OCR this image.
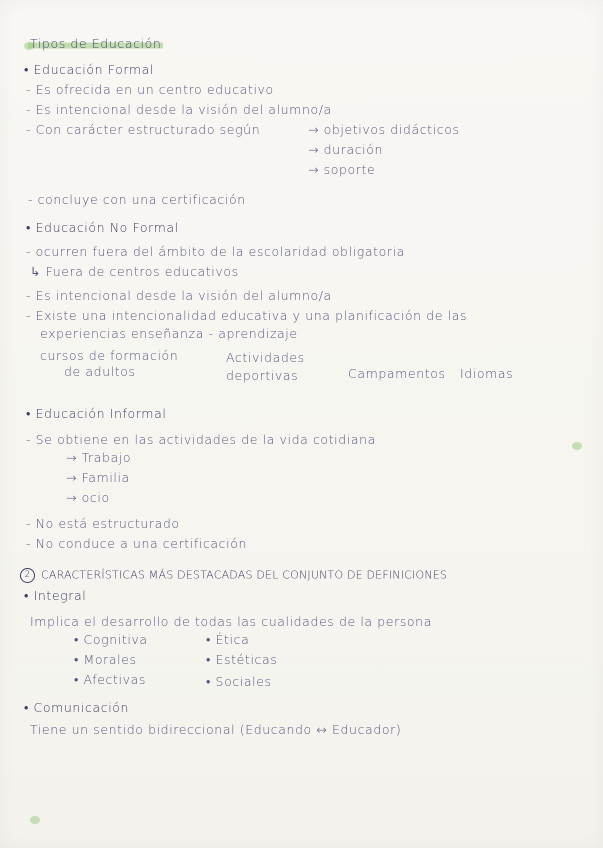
Tipos de Educación
• Educación Formal
- Es ofrecida en un centro educativo
- Es intencional desde la visión del alumno/a
- Con carácter estructurado según	→ objetivos didácticos
→ duración
→ soporte
- concluye con una certificación
• Educación No Formal
- ocurren fuera del ámbito de la escolaridad obligatoria
↳ Fuera de centros educativos
- Es intencional desde la visión del alumno/a
- Existe una intencionalidad educativa y una planificación de las
experiencias enseñanza - aprendizaje
cursos de formación
de adultos
Actividades
deportivas	Campamentos Idiomas
• Educación Informal
- Se obtiene en las actividades de la vida cotidiana
→ Trabajo
→ Familia
→ ocio
- No está estructurado
- No conduce a una certificación
2 CARACTERÍSTICAS MÁS DESTACADAS DEL CONJUNTO DE DEFINICIONES
• Integral
Implica el desarrollo de todas las cualidades de la persona
• Cognitiva
• Morales
• Afectivas
• Ética
• Estéticas
• Sociales
• Comunicación
Tiene un sentido bidireccional (Educando ↔ Educador)
